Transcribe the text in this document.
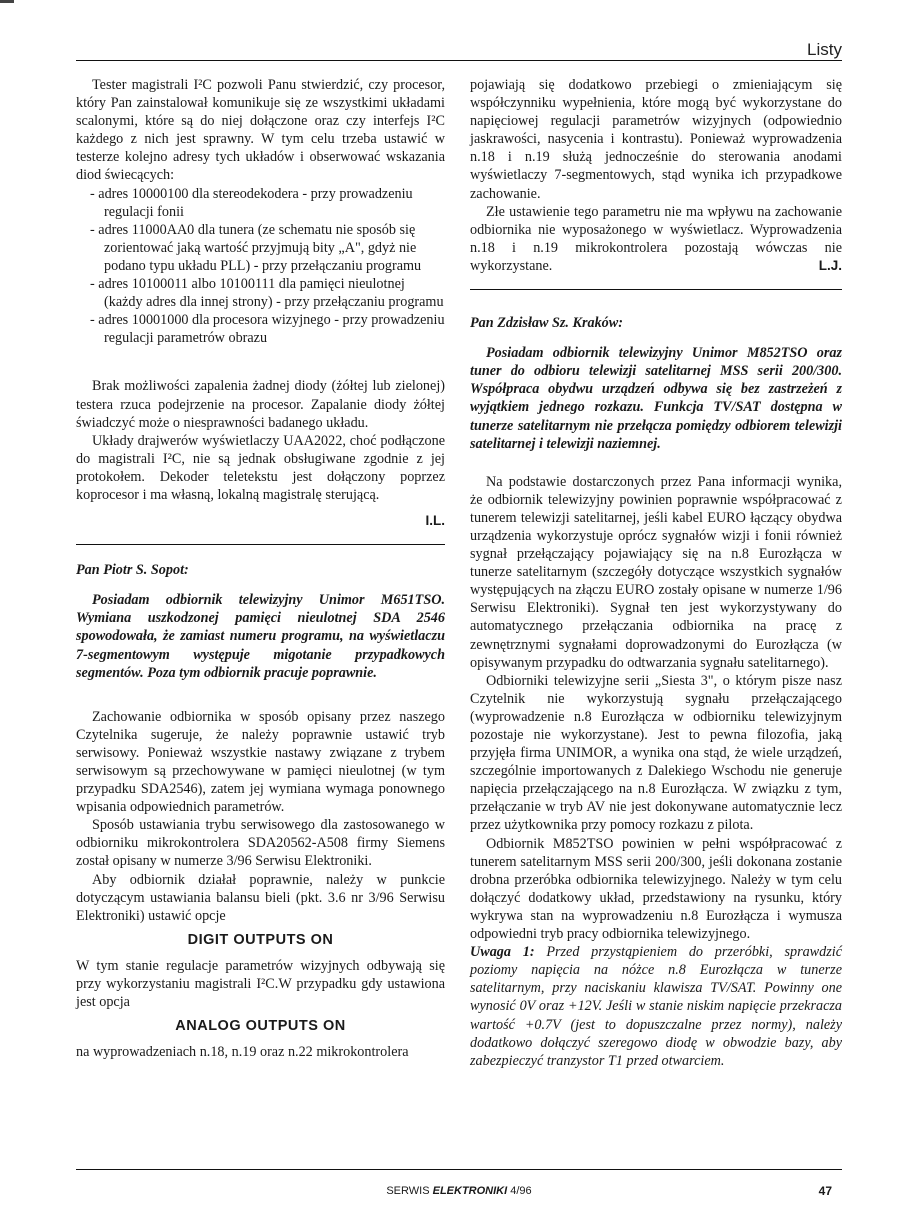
Listy

Tester magistrali I²C pozwoli Panu stwierdzić, czy procesor, który Pan zainstalował komunikuje się ze wszystkimi układami scalonymi, które są do niej dołączone oraz czy interfejs I²C każdego z nich jest sprawny. W tym celu trzeba ustawić w testerze kolejno adresy tych układów i obserwować wskazania diod świecących:

- adres 10000100 dla stereodekodera - przy prowadzeniu regulacji fonii
- adres 11000AA0 dla tunera (ze schematu nie sposób się zorientować jaką wartość przyjmują bity „A", gdyż nie podano typu układu PLL) - przy przełączaniu programu
- adres 10100011 albo 10100111 dla pamięci nieulotnej (każdy adres dla innej strony) - przy przełączaniu programu
- adres 10001000 dla procesora wizyjnego - przy prowadzeniu regulacji parametrów obrazu

Brak możliwości zapalenia żadnej diody (żółtej lub zielonej) testera rzuca podejrzenie na procesor. Zapalanie diody żółtej świadczyć może o niesprawności badanego układu.

Układy drajwerów wyświetlaczy UAA2022, choć podłączone do magistrali I²C, nie są jednak obsługiwane zgodnie z jej protokołem. Dekoder teletekstu jest dołączony poprzez koprocesor i ma własną, lokalną magistralę sterującą.

I.L.

Pan Piotr S. Sopot:

Posiadam odbiornik telewizyjny Unimor M651TSO. Wymiana uszkodzonej pamięci nieulotnej SDA 2546 spowodowała, że zamiast numeru programu, na wyświetlaczu 7-segmentowym występuje migotanie przypadkowych segmentów. Poza tym odbiornik pracuje poprawnie.

Zachowanie odbiornika w sposób opisany przez naszego Czytelnika sugeruje, że należy poprawnie ustawić tryb serwisowy. Ponieważ wszystkie nastawy związane z trybem serwisowym są przechowywane w pamięci nieulotnej (w tym przypadku SDA2546), zatem jej wymiana wymaga ponownego wpisania odpowiednich parametrów.

Sposób ustawiania trybu serwisowego dla zastosowanego w odbiorniku mikrokontrolera SDA20562-A508 firmy Siemens został opisany w numerze 3/96 Serwisu Elektroniki.

Aby odbiornik działał poprawnie, należy w punkcie dotyczącym ustawiania balansu bieli (pkt. 3.6 nr 3/96 Serwisu Elektroniki) ustawić opcje

DIGIT OUTPUTS ON

W tym stanie regulacje parametrów wizyjnych odbywają się przy wykorzystaniu magistrali I²C.W przypadku gdy ustawiona jest opcja

ANALOG OUTPUTS ON

na wyprowadzeniach n.18, n.19 oraz n.22 mikrokontrolera

pojawiają się dodatkowo przebiegi o zmieniającym się współczynniku wypełnienia, które mogą być wykorzystane do napięciowej regulacji parametrów wizyjnych (odpowiednio jaskrawości, nasycenia i kontrastu). Ponieważ wyprowadzenia n.18 i n.19 służą jednocześnie do sterowania anodami wyświetlaczy 7-segmentowych, stąd wynika ich przypadkowe zachowanie.

Złe ustawienie tego parametru nie ma wpływu na zachowanie odbiornika nie wyposażonego w wyświetlacz. Wyprowadzenia n.18 i n.19 mikrokontrolera pozostają wówczas nie wykorzystane.	L.J.

Pan Zdzisław Sz. Kraków:

Posiadam odbiornik telewizyjny Unimor M852TSO oraz tuner do odbioru telewizji satelitarnej MSS serii 200/300. Współpraca obydwu urządzeń odbywa się bez zastrzeżeń z wyjątkiem jednego rozkazu. Funkcja TV/SAT dostępna w tunerze satelitarnym nie przełącza pomiędzy odbiorem telewizji satelitarnej i telewizji naziemnej.

Na podstawie dostarczonych przez Pana informacji wynika, że odbiornik telewizyjny powinien poprawnie współpracować z tunerem telewizji satelitarnej, jeśli kabel EURO łączący obydwa urządzenia wykorzystuje oprócz sygnałów wizji i fonii również sygnał przełączający pojawiający się na n.8 Eurozłącza w tunerze satelitarnym (szczegóły dotyczące wszystkich sygnałów występujących na złączu EURO zostały opisane w numerze 1/96 Serwisu Elektroniki). Sygnał ten jest wykorzystywany do automatycznego przełączania odbiornika na pracę z zewnętrznymi sygnałami doprowadzonymi do Eurozłącza (w opisywanym przypadku do odtwarzania sygnału satelitarnego).

Odbiorniki telewizyjne serii „Siesta 3", o którym pisze nasz Czytelnik nie wykorzystują sygnału przełączającego (wyprowadzenie n.8 Eurozłącza w odbiorniku telewizyjnym pozostaje nie wykorzystane). Jest to pewna filozofia, jaką przyjęła firma UNIMOR, a wynika ona stąd, że wiele urządzeń, szczególnie importowanych z Dalekiego Wschodu nie generuje napięcia przełączającego na n.8 Eurozłącza. W związku z tym, przełączanie w tryb AV nie jest dokonywane automatycznie lecz przez użytkownika przy pomocy rozkazu z pilota.

Odbiornik M852TSO powinien w pełni współpracować z tunerem satelitarnym MSS serii 200/300, jeśli dokonana zostanie drobna przeróbka odbiornika telewizyjnego. Należy w tym celu dołączyć dodatkowy układ, przedstawiony na rysunku, który wykrywa stan na wyprowadzeniu n.8 Eurozłącza i wymusza odpowiedni tryb pracy odbiornika telewizyjnego.

Uwaga 1: Przed przystąpieniem do przeróbki, sprawdzić poziomy napięcia na nóżce n.8 Eurozłącza w tunerze satelitarnym, przy naciskaniu klawisza TV/SAT. Powinny one wynosić 0V oraz +12V. Jeśli w stanie niskim napięcie przekracza wartość +0.7V (jest to dopuszczalne przez normy), należy dodatkowo dołączyć szeregowo diodę w obwodzie bazy, aby zabezpieczyć tranzystor T1 przed otwarciem.

SERWIS ELEKTRONIKI 4/96	47
